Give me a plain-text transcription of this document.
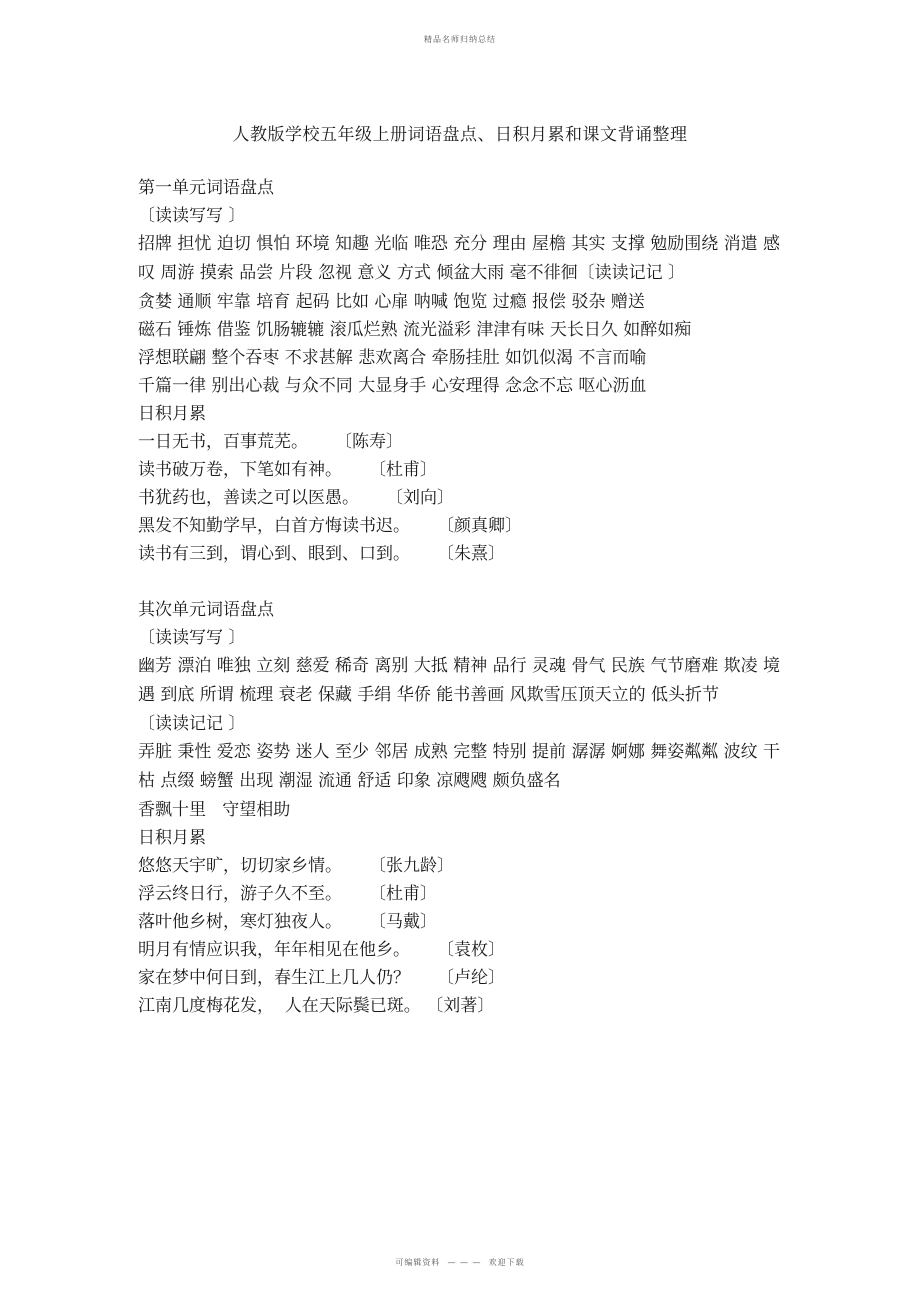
精品名师归纳总结
人教版学校五年级上册词语盘点、日积月累和课文背诵整理
第一单元词语盘点
〔读读写写 〕
招牌 担忧 迫切 惧怕 环境 知趣 光临 唯恐 充分 理由 屋檐 其实 支撑 勉励围绕 消遣 感叹 周游 摸索 品尝 片段 忽视 意义 方式 倾盆大雨 毫不徘徊〔读读记记 〕
贪婪 通顺 牢靠 培育 起码 比如 心扉 呐喊 饱览 过瘾 报偿 驳杂 赠送
磁石 锤炼 借鉴 饥肠辘辘 滚瓜烂熟 流光溢彩 津津有味 天长日久 如醉如痴
浮想联翩 整个吞枣 不求甚解 悲欢离合 牵肠挂肚 如饥似渴 不言而喻
千篇一律 别出心裁 与众不同 大显身手 心安理得 念念不忘 呕心沥血
日积月累
一日无书，百事荒芜。     〔陈寿〕
读书破万卷，下笔如有神。     〔杜甫〕
书犹药也，善读之可以医愚。     〔刘向〕
黑发不知勤学早，白首方悔读书迟。     〔颜真卿〕
读书有三到，谓心到、眼到、口到。     〔朱熹〕
其次单元词语盘点
〔读读写写 〕
幽芳 漂泊 唯独 立刻 慈爱 稀奇 离别 大抵 精神 品行 灵魂 骨气 民族 气节磨难 欺凌 境遇 到底 所谓 梳理 衰老 保藏 手绢 华侨 能书善画 风欺雪压顶天立的 低头折节
〔读读记记 〕
弄脏 秉性 爱恋 姿势 迷人 至少 邻居 成熟 完整 特别 提前 潺潺 婀娜 舞姿粼粼 波纹 干枯 点缀 螃蟹 出现 潮湿 流通 舒适 印象 凉飕飕 颇负盛名
香飘十里   守望相助
日积月累
悠悠天宇旷，切切家乡情。     〔张九龄〕
浮云终日行，游子久不至。     〔杜甫〕
落叶他乡树，寒灯独夜人。     〔马戴〕
明月有情应识我，年年相见在他乡。     〔袁枚〕
家在梦中何日到，春生江上几人仍？     〔卢纶〕
江南几度梅花发，  人在天际鬓已斑。 〔刘著〕
可编辑资料  — — —  欢迎下载
